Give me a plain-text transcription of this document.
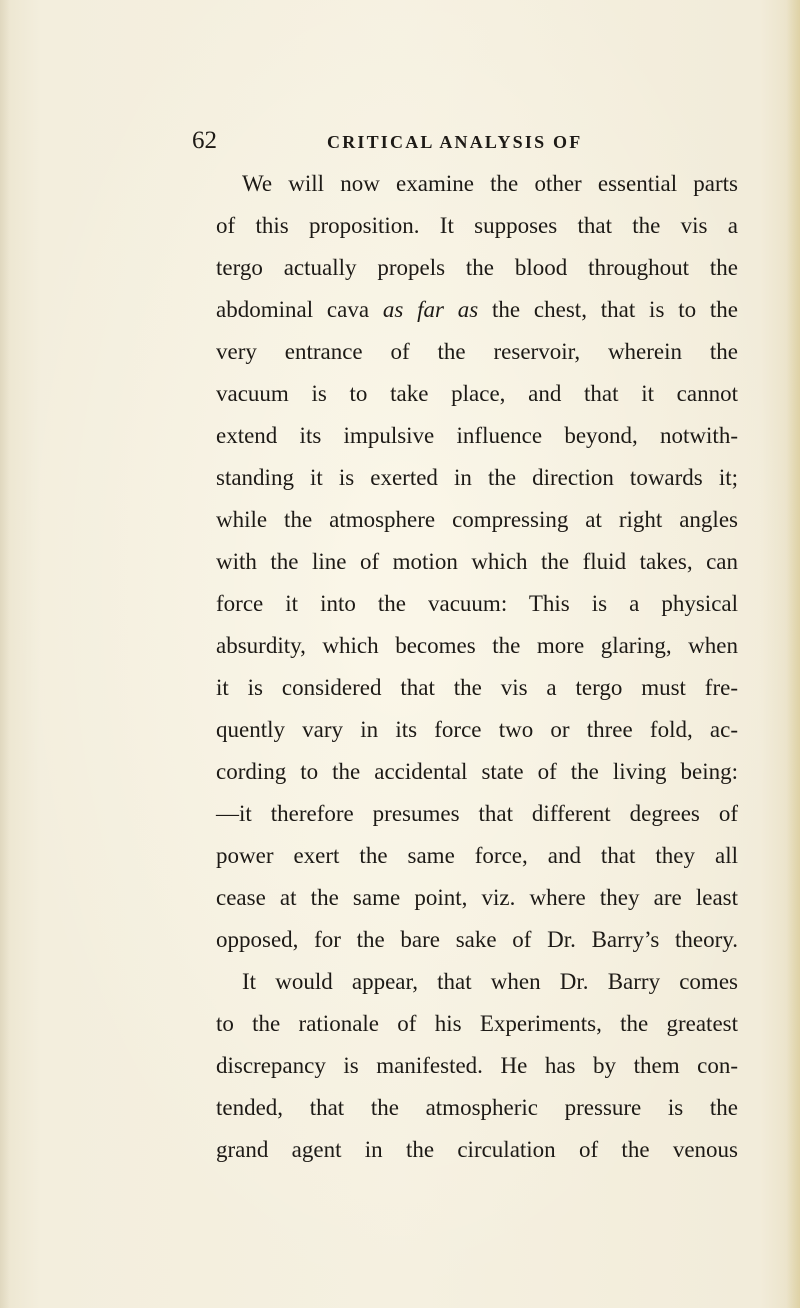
62	CRITICAL ANALYSIS OF
We will now examine the other essential parts
of this proposition. It supposes that the vis a
tergo actually propels the blood throughout the
abdominal cava as far as the chest, that is to the
very entrance of the reservoir, wherein the
vacuum is to take place, and that it cannot
extend its impulsive influence beyond, notwith-
standing it is exerted in the direction towards it;
while the atmosphere compressing at right angles
with the line of motion which the fluid takes, can
force it into the vacuum: This is a physical
absurdity, which becomes the more glaring, when
it is considered that the vis a tergo must fre-
quently vary in its force two or three fold, ac-
cording to the accidental state of the living being:
—it therefore presumes that different degrees of
power exert the same force, and that they all
cease at the same point, viz. where they are least
opposed, for the bare sake of Dr. Barry’s theory.
It would appear, that when Dr. Barry comes
to the rationale of his Experiments, the greatest
discrepancy is manifested. He has by them con-
tended, that the atmospheric pressure is the
grand agent in the circulation of the venous
